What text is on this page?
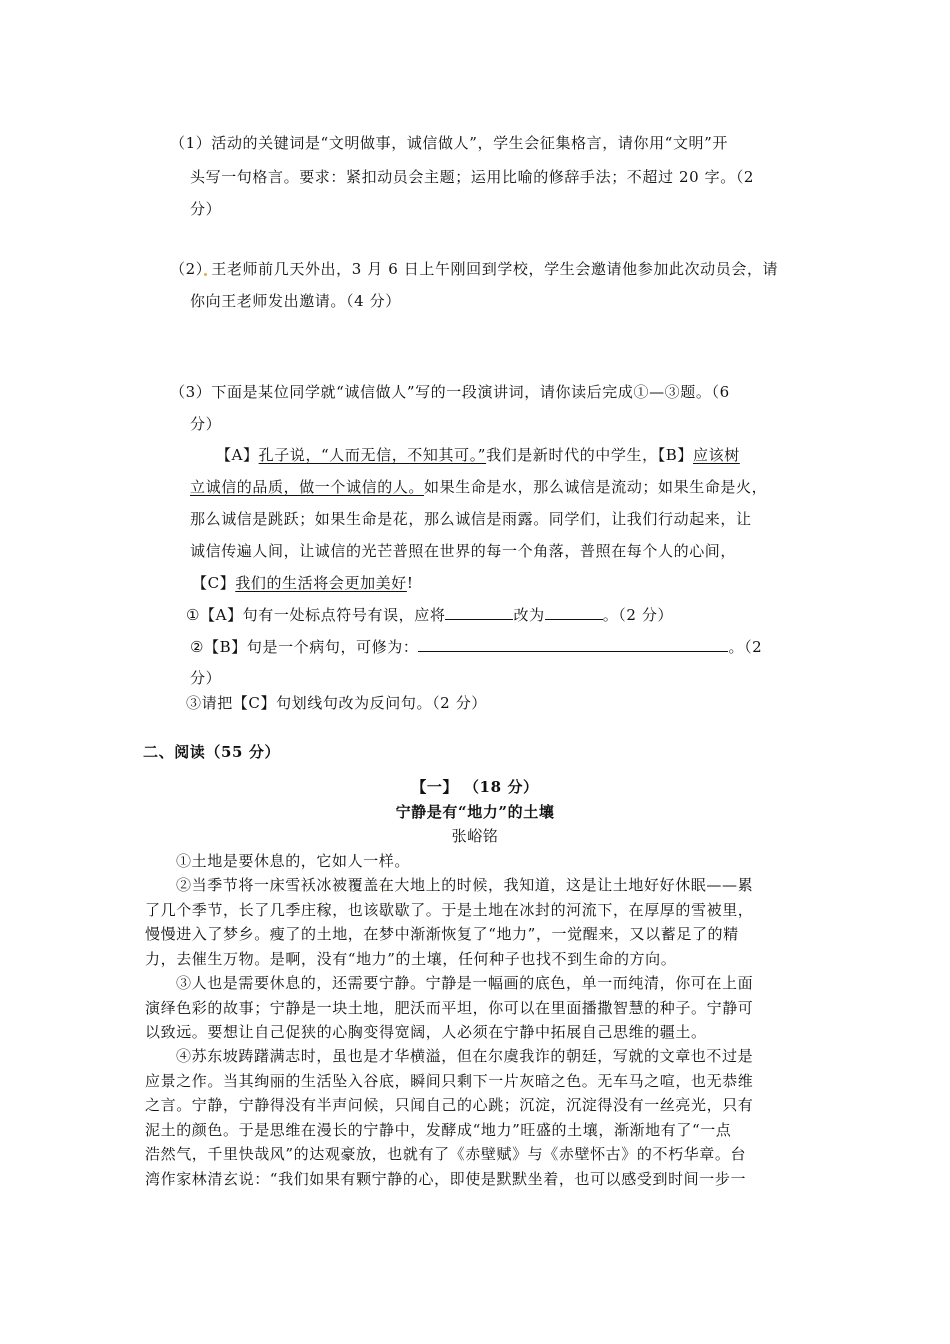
（1）活动的关键词是“文明做事，诚信做人”，学生会征集格言，请你用“文明”开
头写一句格言。要求：紧扣动员会主题；运用比喻的修辞手法；不超过 20 字。（2
分）
（2）王老师前几天外出，3 月 6 日上午刚回到学校，学生会邀请他参加此次动员会，请
你向王老师发出邀请。（4 分）
（3）下面是某位同学就“诚信做人”写的一段演讲词，请你读后完成①—③题。（6
分）
【A】孔子说，“人而无信，不知其可。”我们是新时代的中学生，【B】应该树
立诚信的品质，做一个诚信的人。如果生命是水，那么诚信是流动；如果生命是火，
那么诚信是跳跃；如果生命是花，那么诚信是雨露。同学们，让我们行动起来，让
诚信传遍人间，让诚信的光芒普照在世界的每一个角落，普照在每个人的心间，
【C】我们的生活将会更加美好!
①【A】句有一处标点符号有误，应将	改为	。（2 分）
②【B】句是一个病句，可修为：	。（2
分）
③请把【C】句划线句改为反问句。（2 分）
二、阅读（55 分）
【一】 （18 分）
宁静是有“地力”的土壤
张峪铭
①土地是要休息的，它如人一样。
②当季节将一床雪袄冰被覆盖在大地上的时候，我知道，这是让土地好好休眠——累
了几个季节，长了几季庄稼，也该歇歇了。于是土地在冰封的河流下，在厚厚的雪被里，
慢慢进入了梦乡。瘦了的土地，在梦中渐渐恢复了“地力”，一觉醒来，又以蓄足了的精
力，去催生万物。是啊，没有“地力”的土壤，任何种子也找不到生命的方向。
③人也是需要休息的，还需要宁静。宁静是一幅画的底色，单一而纯清，你可在上面
演绎色彩的故事；宁静是一块土地，肥沃而平坦，你可以在里面播撒智慧的种子。宁静可
以致远。要想让自己促狭的心胸变得宽阔，人必须在宁静中拓展自己思维的疆土。
④苏东坡踌躇满志时，虽也是才华横溢，但在尔虞我诈的朝廷，写就的文章也不过是
应景之作。当其绚丽的生活坠入谷底，瞬间只剩下一片灰暗之色。无车马之喧，也无恭维
之言。宁静，宁静得没有半声问候，只闻自己的心跳；沉淀，沉淀得没有一丝亮光，只有
泥土的颜色。于是思维在漫长的宁静中，发酵成“地力”旺盛的土壤，渐渐地有了“一点
浩然气，千里快哉风”的达观豪放，也就有了《赤壁赋》与《赤壁怀古》的不朽华章。台
湾作家林清玄说：“我们如果有颗宁静的心，即使是默默坐着，也可以感受到时间一步一
